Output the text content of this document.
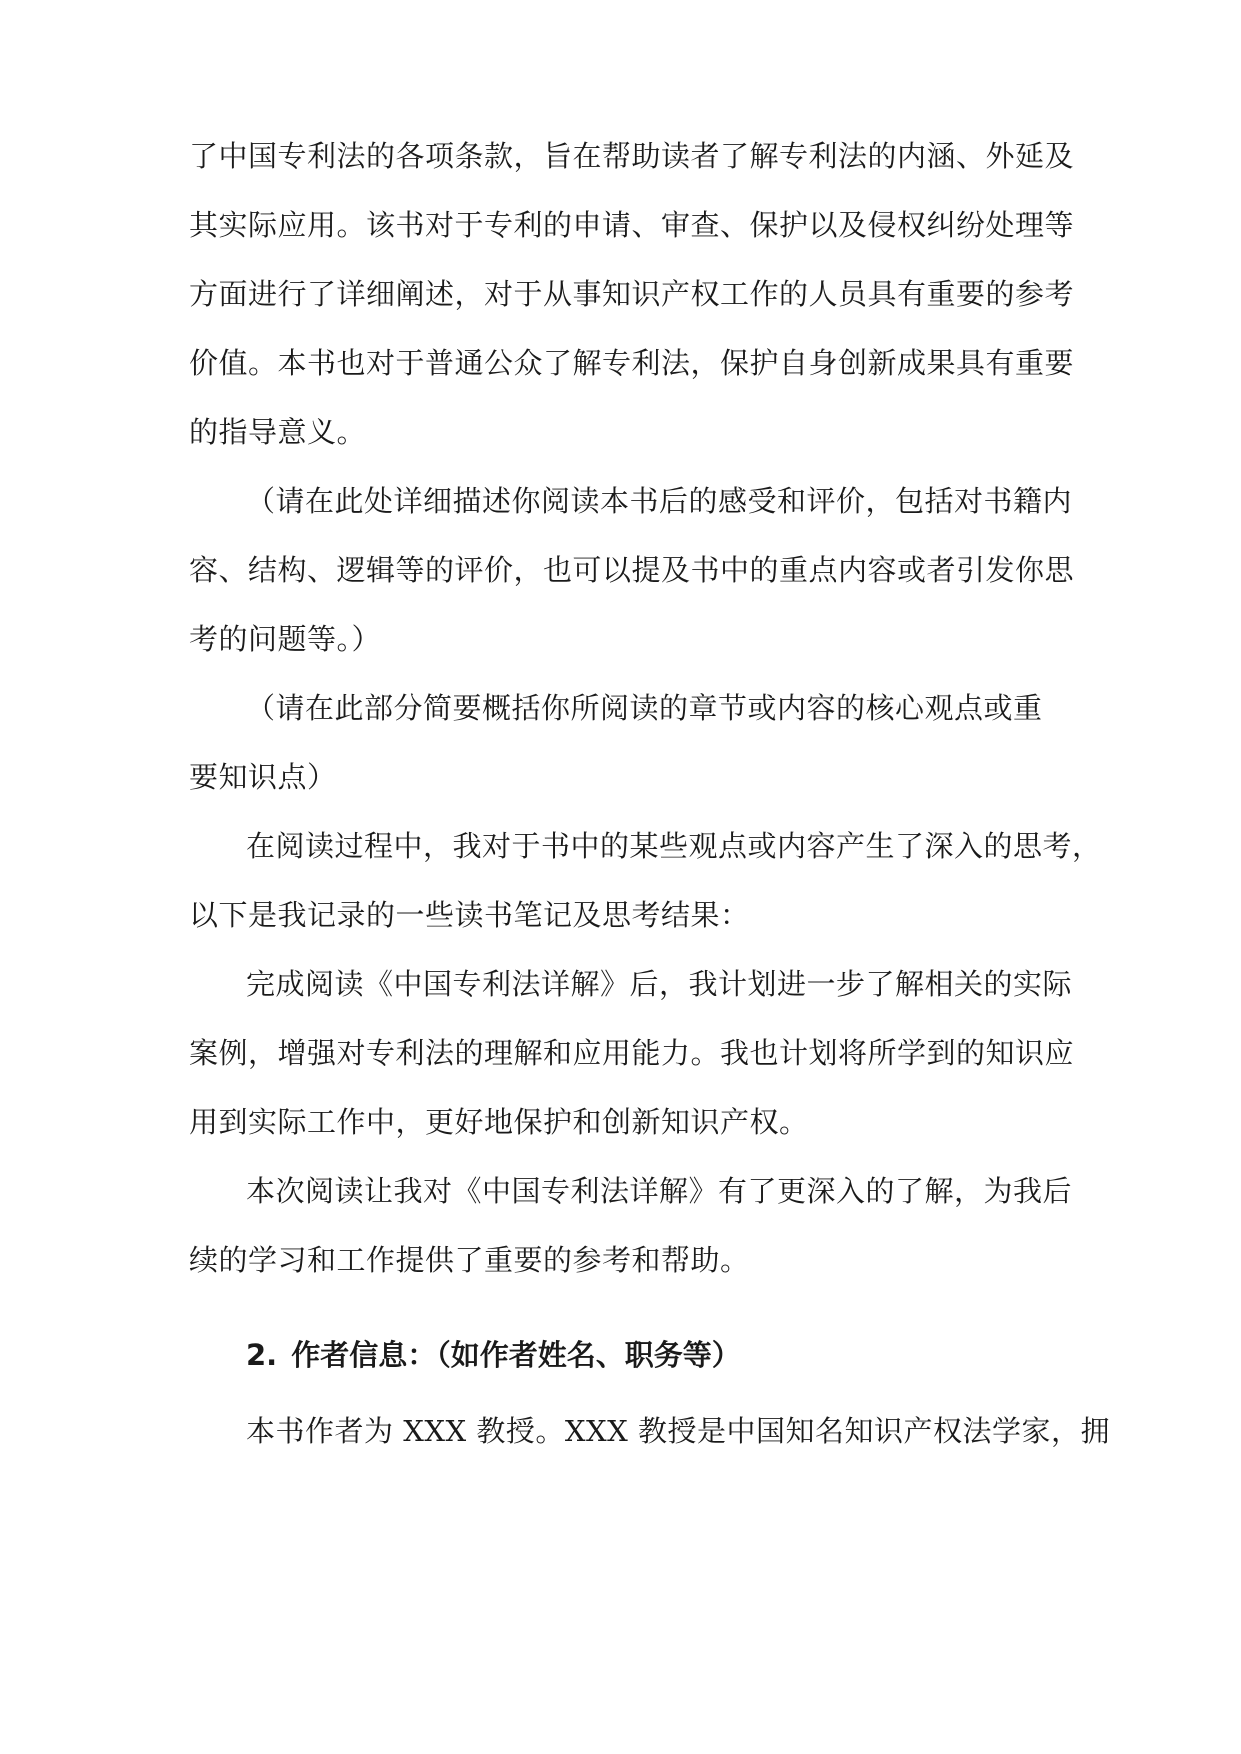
了中国专利法的各项条款，旨在帮助读者了解专利法的内涵、外延及
其实际应用。该书对于专利的申请、审查、保护以及侵权纠纷处理等
方面进行了详细阐述，对于从事知识产权工作的人员具有重要的参考
价值。本书也对于普通公众了解专利法，保护自身创新成果具有重要
的指导意义。
（请在此处详细描述你阅读本书后的感受和评价，包括对书籍内
容、结构、逻辑等的评价，也可以提及书中的重点内容或者引发你思
考的问题等。）
（请在此部分简要概括你所阅读的章节或内容的核心观点或重
要知识点）
在阅读过程中，我对于书中的某些观点或内容产生了深入的思考，
以下是我记录的一些读书笔记及思考结果：
完成阅读《中国专利法详解》后，我计划进一步了解相关的实际
案例，增强对专利法的理解和应用能力。我也计划将所学到的知识应
用到实际工作中，更好地保护和创新知识产权。
本次阅读让我对《中国专利法详解》有了更深入的了解，为我后
续的学习和工作提供了重要的参考和帮助。
2. 作者信息：（如作者姓名、职务等）
本书作者为 XXX 教授。XXX 教授是中国知名知识产权法学家，拥
